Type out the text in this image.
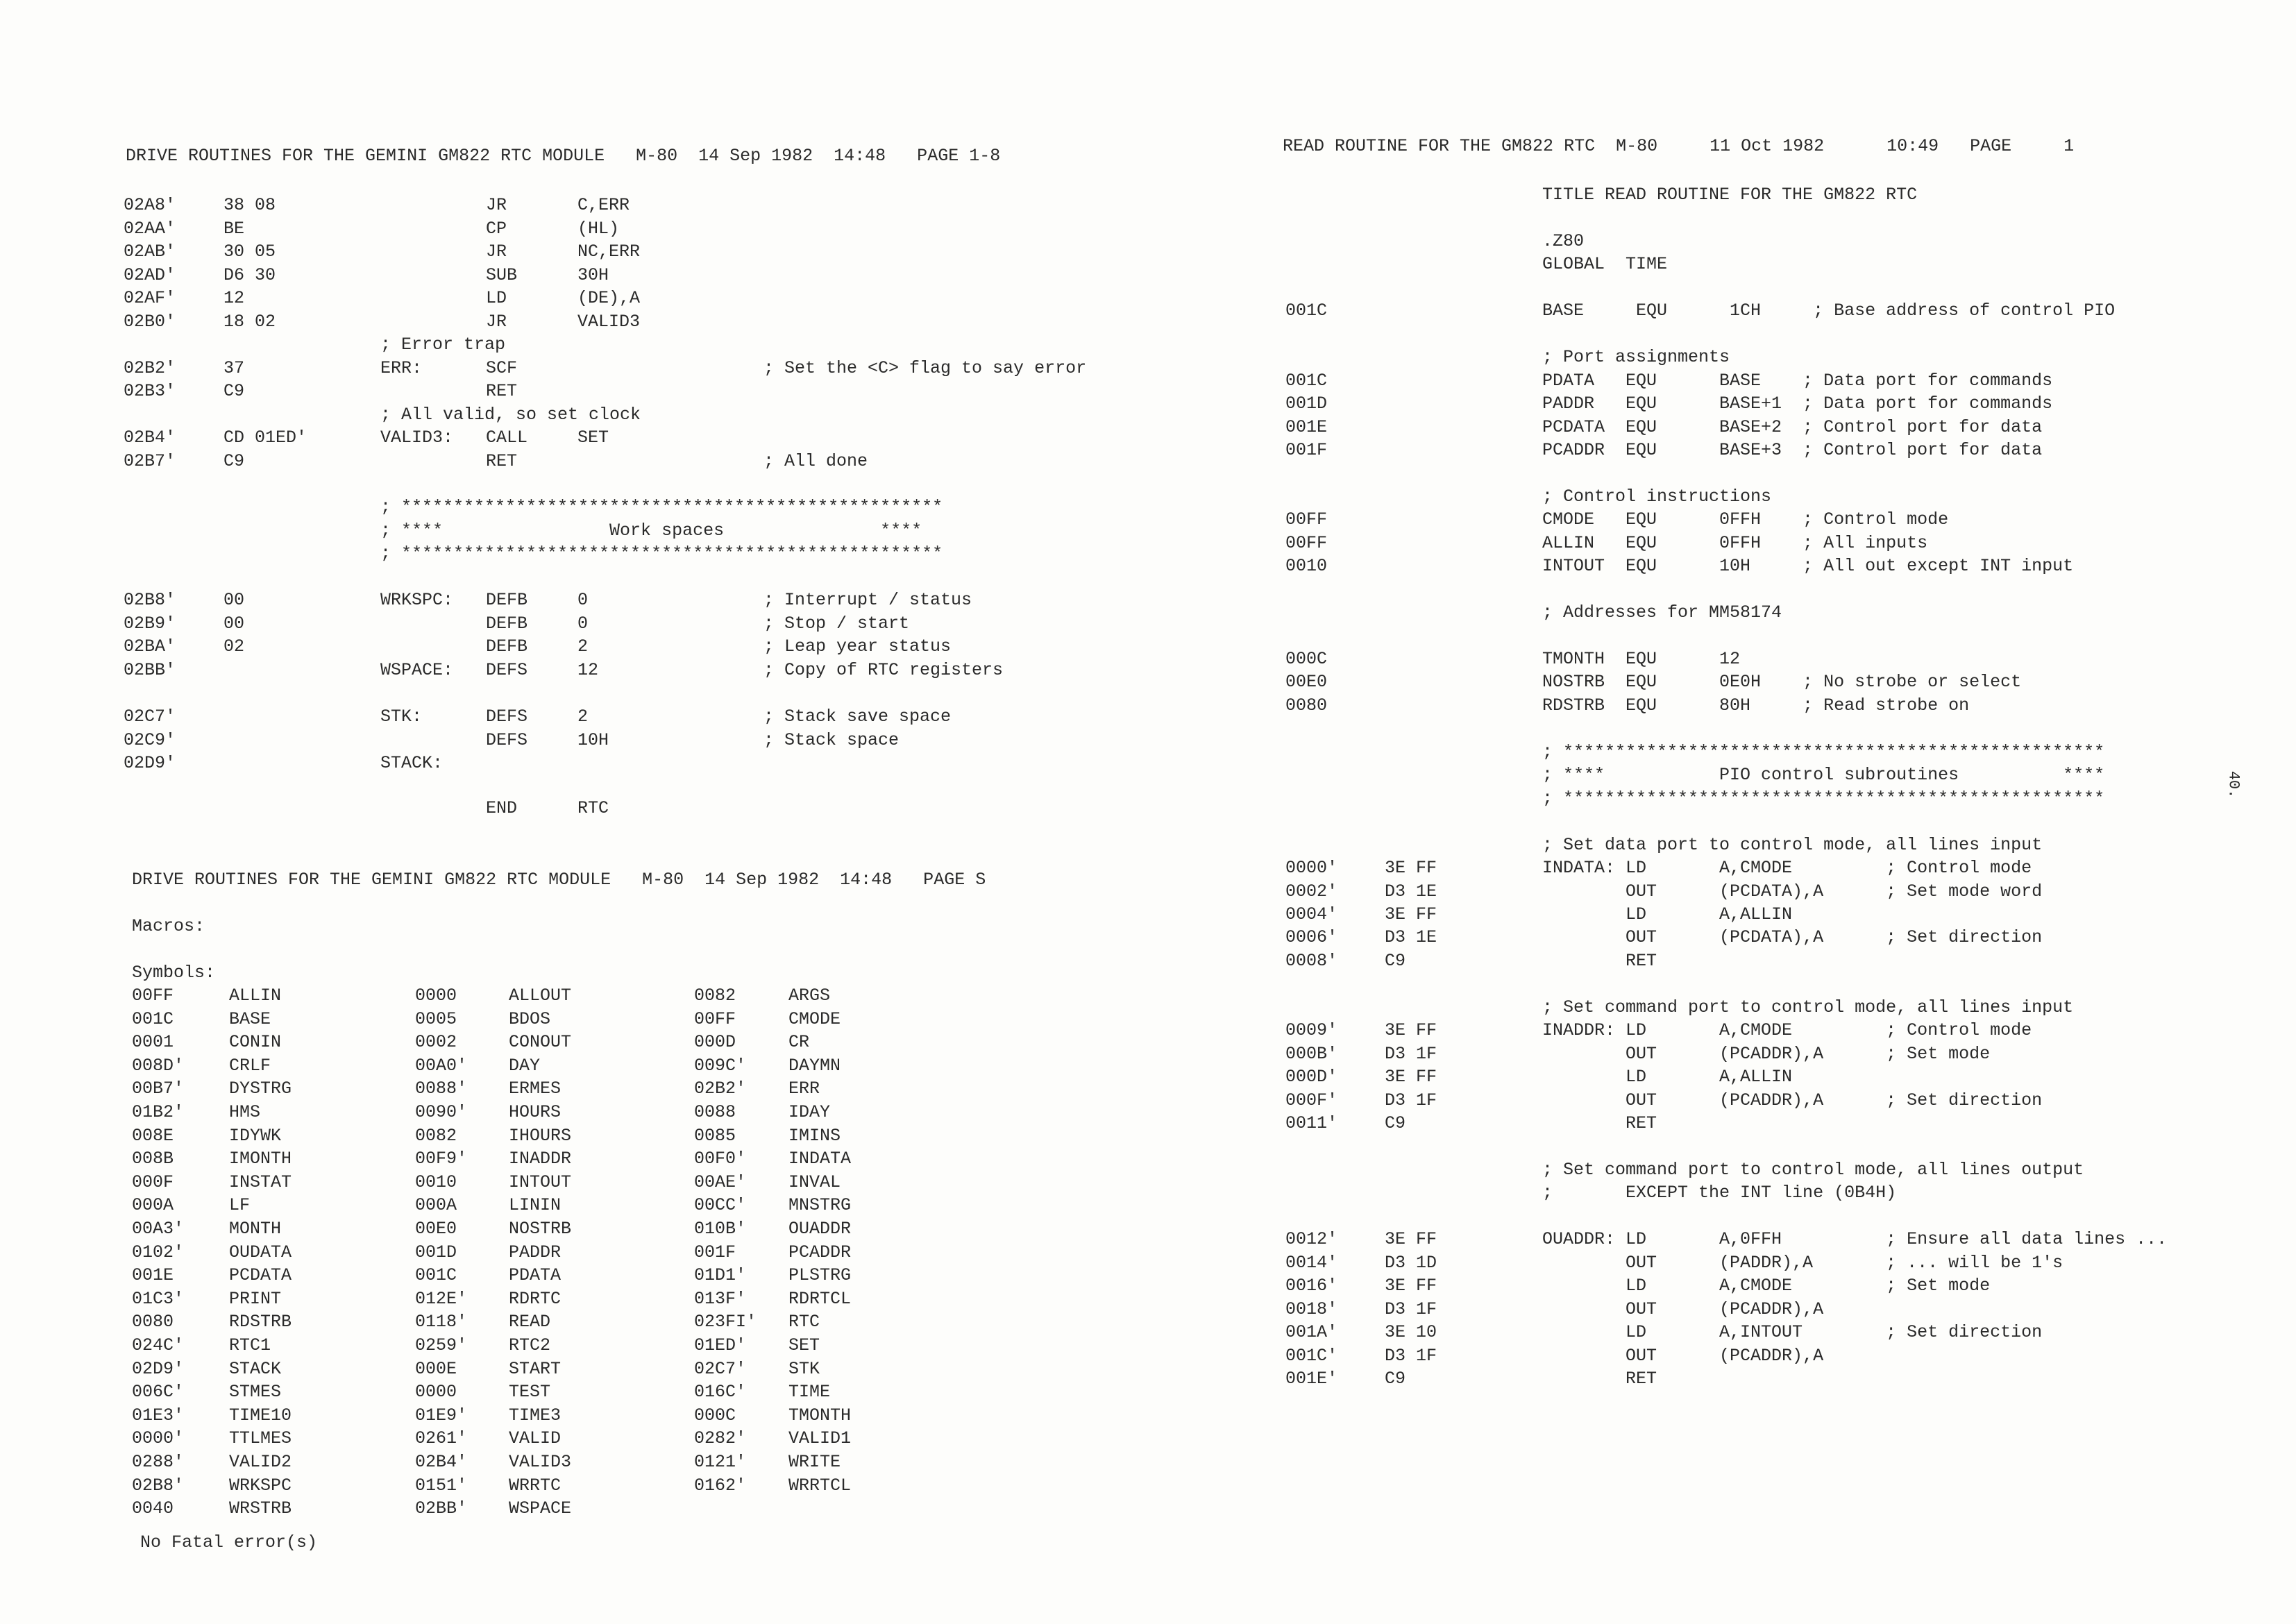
DRIVE ROUTINES FOR THE GEMINI GM822 RTC MODULE   M-80  14 Sep 1982  14:48   PAGE 1-8
02A8'	38 08	JR	C,ERR
02AA'	BE	CP	(HL)
02AB'	30 05	JR	NC,ERR
02AD'	D6 30	SUB	30H
02AF'	12	LD	(DE),A
02B0'	18 02	JR	VALID3
; Error trap
02B2'	37	ERR:	SCF	; Set the <C> flag to say error
02B3'	C9	RET
; All valid, so set clock
02B4'	CD 01ED'	VALID3: CALL	SET
02B7'	C9	RET	; All done
; ****************************************************
; ****                Work spaces               ****
; ****************************************************
02B8'	00	WRKSPC: DEFB	0	; Interrupt / status
02B9'	00	DEFB	0	; Stop / start
02BA'	02	DEFB	2	; Leap year status
02BB'	WSPACE: DEFS	12	; Copy of RTC registers
02C7'	STK:	DEFS	2	; Stack save space
02C9'	DEFS	10H	; Stack space
02D9'	STACK:
END	RTC
DRIVE ROUTINES FOR THE GEMINI GM822 RTC MODULE   M-80  14 Sep 1982  14:48   PAGE S
Macros:
Symbols:
00FF	ALLIN	0000	ALLOUT	0082	ARGS
001C	BASE	0005	BDOS	00FF	CMODE
0001	CONIN	0002	CONOUT	000D	CR
008D'	CRLF	00A0' DAY	009C' DAYMN
00B7'	DYSTRG	0088' ERMES	02B2' ERR
01B2'	HMS	0090' HOURS	0088	IDAY
008E	IDYWK	0082	IHOURS	0085	IMINS
008B	IMONTH	00F9' INADDR	00F0' INDATA
000F	INSTAT	0010	INTOUT	00AE' INVAL
000A	LF	000A	LININ	00CC' MNSTRG
00A3'	MONTH	00E0	NOSTRB	010B' OUADDR
0102'	OUDATA	001D	PADDR	001F	PCADDR
001E	PCDATA	001C	PDATA	01D1' PLSTRG
01C3'	PRINT	012E' RDRTC	013F' RDRTCL
0080	RDSTRB	0118' READ	023FI' RTC
024C'	RTC1	0259' RTC2	01ED' SET
02D9'	STACK	000E	START	02C7' STK
006C'	STMES	0000	TEST	016C' TIME
01E3'	TIME10	01E9' TIME3	000C	TMONTH
0000'	TTLMES	0261' VALID	0282' VALID1
0288'	VALID2	02B4' VALID3	0121' WRITE
02B8'	WRKSPC	0151' WRRTC	0162' WRRTCL
0040	WRSTRB	02BB' WSPACE
No Fatal error(s)
READ ROUTINE FOR THE GM822 RTC  M-80     11 Oct 1982      10:49   PAGE     1
40.
TITLE READ ROUTINE FOR THE GM822 RTC
.Z80
GLOBAL  TIME
001C	BASE     EQU      1CH     ; Base address of control PIO
; Port assignments
001C	PDATA   EQU      BASE    ; Data port for commands
001D	PADDR   EQU      BASE+1  ; Data port for commands
001E	PCDATA  EQU      BASE+2  ; Control port for data
001F	PCADDR  EQU      BASE+3  ; Control port for data
; Control instructions
00FF	CMODE   EQU      0FFH    ; Control mode
00FF	ALLIN   EQU      0FFH    ; All inputs
0010	INTOUT  EQU      10H     ; All out except INT input
; Addresses for MM58174
000C	TMONTH  EQU      12
00E0	NOSTRB  EQU      0E0H    ; No strobe or select
0080	RDSTRB  EQU      80H     ; Read strobe on
; ****************************************************
; ****           PIO control subroutines          ****
; ****************************************************
; Set data port to control mode, all lines input
0000'	3E FF	INDATA: LD       A,CMODE         ; Control mode
0002'	D3 1E	OUT      (PCDATA),A      ; Set mode word
0004'	3E FF	LD       A,ALLIN
0006'	D3 1E	OUT      (PCDATA),A      ; Set direction
0008'	C9	RET
; Set command port to control mode, all lines input
0009'	3E FF	INADDR: LD       A,CMODE         ; Control mode
000B'	D3 1F	OUT      (PCADDR),A      ; Set mode
000D'	3E FF	LD       A,ALLIN
000F'	D3 1F	OUT      (PCADDR),A      ; Set direction
0011'	C9	RET
; Set command port to control mode, all lines output
;       EXCEPT the INT line (0B4H)
0012'	3E FF	OUADDR: LD       A,0FFH          ; Ensure all data lines ...
0014'	D3 1D	OUT      (PADDR),A       ; ... will be 1's
0016'	3E FF	LD       A,CMODE         ; Set mode
0018'	D3 1F	OUT      (PCADDR),A
001A'	3E 10	LD       A,INTOUT        ; Set direction
001C'	D3 1F	OUT      (PCADDR),A
001E'	C9	RET
